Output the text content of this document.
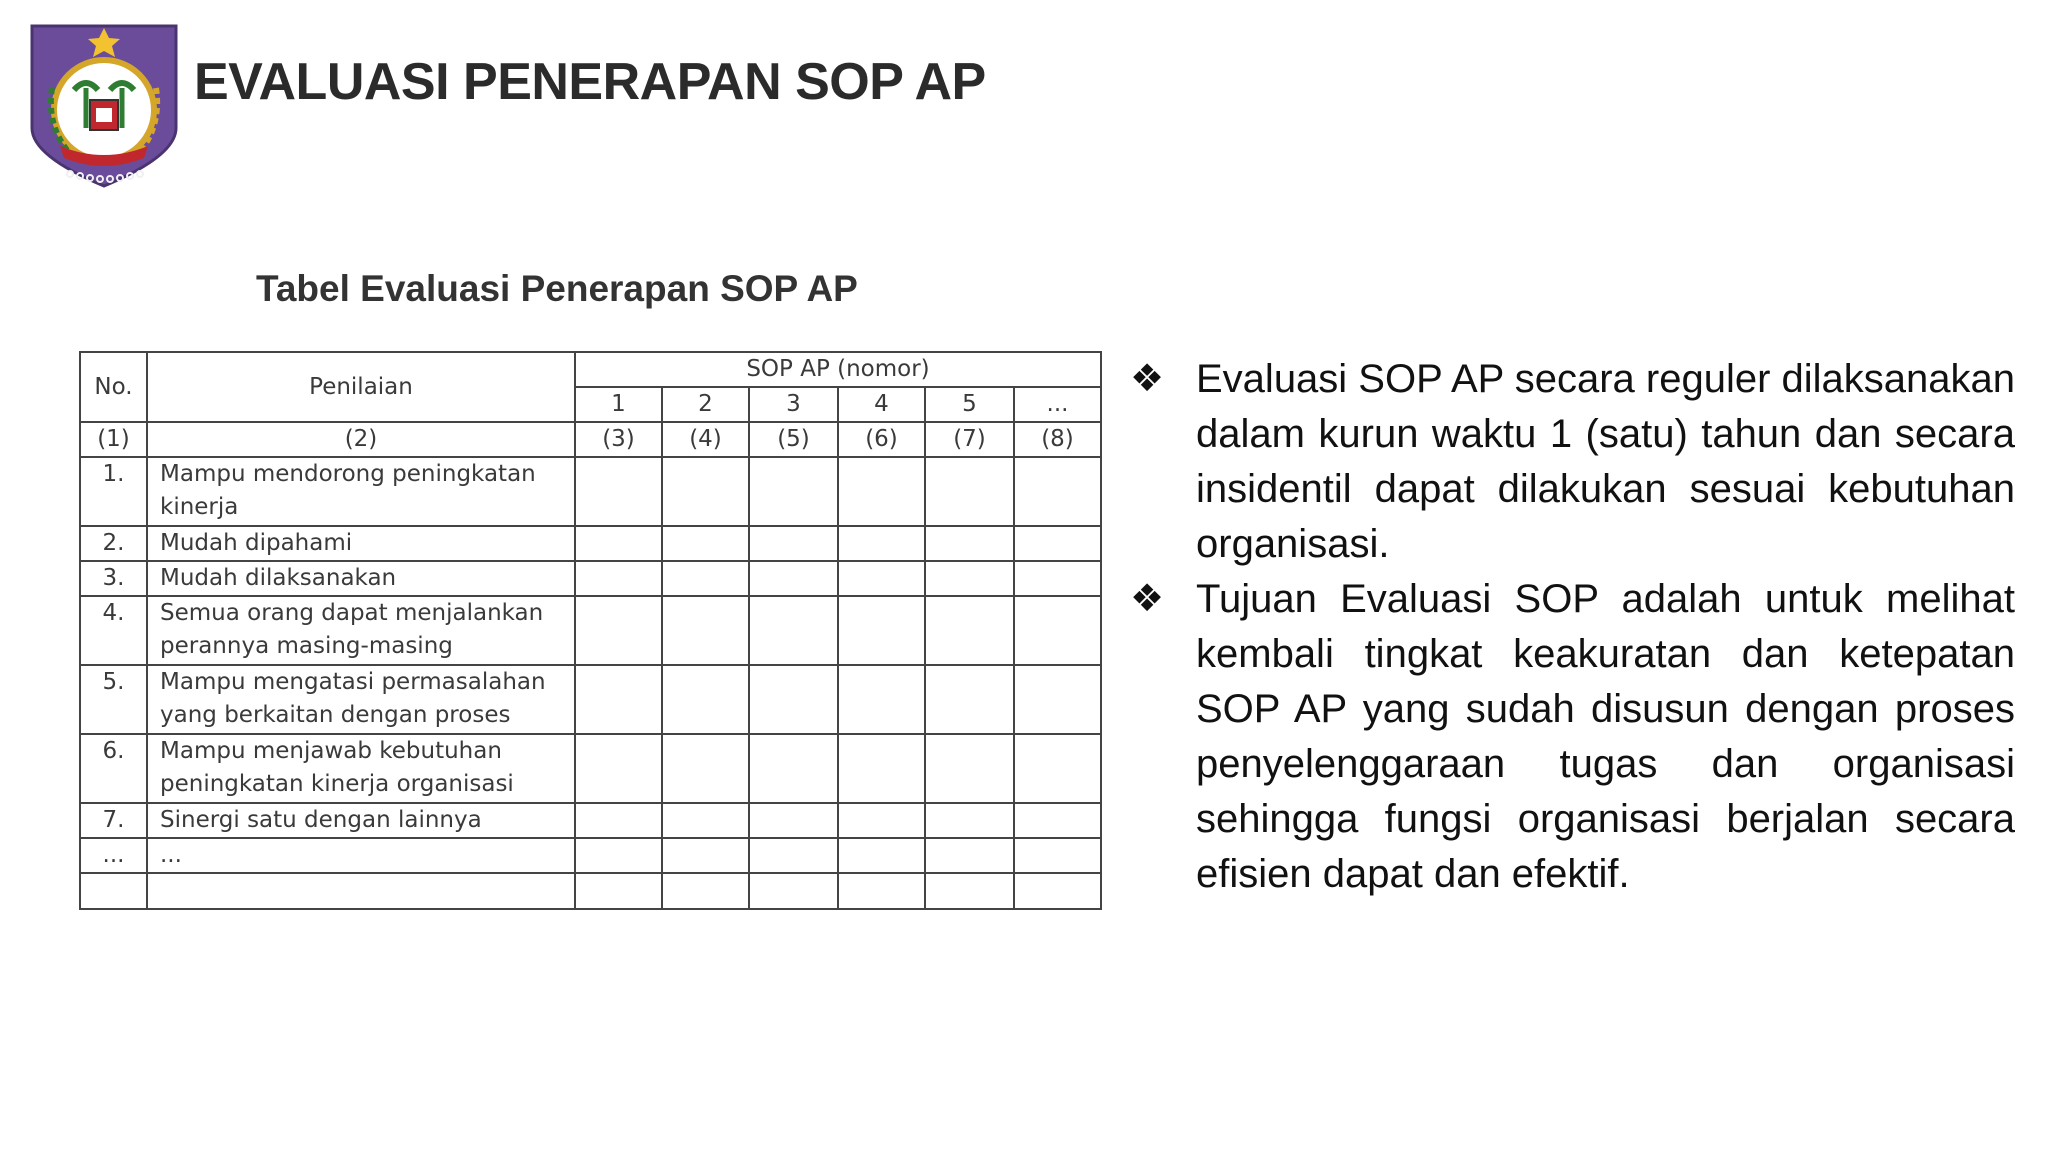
EVALUASI PENERAPAN SOP AP
Tabel Evaluasi Penerapan SOP AP
No.	Penilaian	SOP AP (nomor)					
		1	2	3	4	5	...
(1)	(2)	(3)	(4)	(5)	(6)	(7)	(8)
1.	Mampu mendorong peningkatan
kinerja						

2.	Mudah dipahami						

3.	Mudah dilaksanakan						

4.	Semua orang dapat menjalankan
perannya masing-masing						

5.	Mampu mengatasi permasalahan
yang berkaitan dengan proses						

6.	Mampu menjawab kebutuhan
peningkatan kinerja organisasi						

7.	Sinergi satu dengan lainnya						

...	...						

❖ Evaluasi SOP AP secara reguler dilaksanakan dalam kurun waktu 1 (satu) tahun dan secara insidentil dapat dilakukan sesuai kebutuhan organisasi.
❖ Tujuan Evaluasi SOP adalah untuk melihat kembali tingkat keakuratan dan ketepatan SOP AP yang sudah disusun dengan proses penyelenggaraan tugas dan organisasi sehingga fungsi organisasi berjalan secara efisien dapat dan efektif.
